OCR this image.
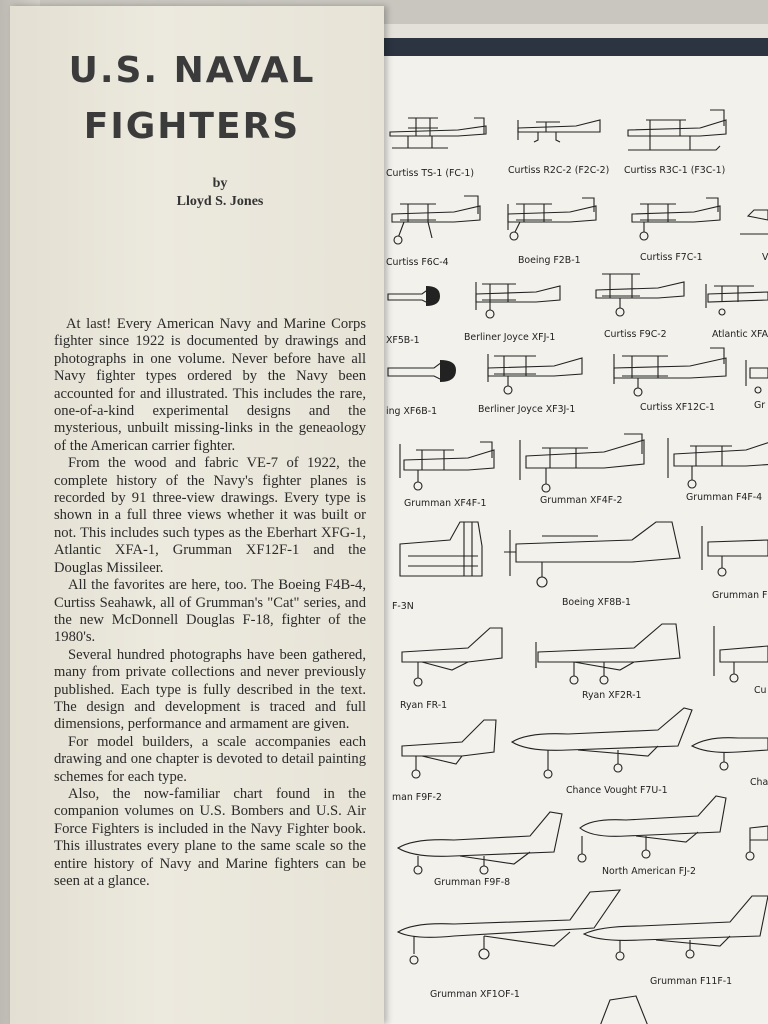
Curtiss TS-1 (FC-1)	Curtiss R2C-2 (F2C-2) Curtiss R3C-1 (F3C-1)
Curtiss F6C-4	Boeing F2B-1	Curtiss F7C-1	V
XF5B-1	Berliner Joyce XFJ-1	Curtiss F9C-2	Atlantic XFA
ing XF6B-1	Berliner Joyce XF3J-1	Curtiss XF12C-1	Gr
Grumman XF4F-1	Grumman XF4F-2	Grumman F4F-4
F-3N	Boeing XF8B-1
Grumman F
Ryan FR-1
Ryan XF2R-1	Cu
man F9F-2
Chance Vought F7U-1
Cha
Grumman F9F-8
North American FJ-2
Grumman XF1OF-1
Grumman F11F-1
U.S. NAVAL
FIGHTERS
by
Lloyd S. Jones

At last! Every American Navy and Marine Corps fighter since 1922 is documented by drawings and photographs in one volume. Never before have all Navy fighter types ordered by the Navy been accounted for and illustrated. This includes the rare, one-of-a-kind experimental designs and the mysterious, unbuilt missing-links in the geneaology of the American carrier fighter.

From the wood and fabric VE-7 of 1922, the complete history of the Navy's fighter planes is recorded by 91 three-view drawings. Every type is shown in a full three views whether it was built or not. This includes such types as the Eberhart XFG-1, Atlantic XFA-1, Grumman XF12F-1 and the Douglas Missileer.

All the favorites are here, too. The Boeing F4B-4, Curtiss Seahawk, all of Grumman's "Cat" series, and the new McDonnell Douglas F-18, fighter of the 1980's.

Several hundred photographs have been gathered, many from private collections and never previously published. Each type is fully described in the text. The design and development is traced and full dimensions, performance and armament are given.

For model builders, a scale accompanies each drawing and one chapter is devoted to detail painting schemes for each type.

Also, the now-familiar chart found in the companion volumes on U.S. Bombers and U.S. Air Force Fighters is included in the Navy Fighter book. This illustrates every plane to the same scale so the entire history of Navy and Marine fighters can be seen at a glance.
